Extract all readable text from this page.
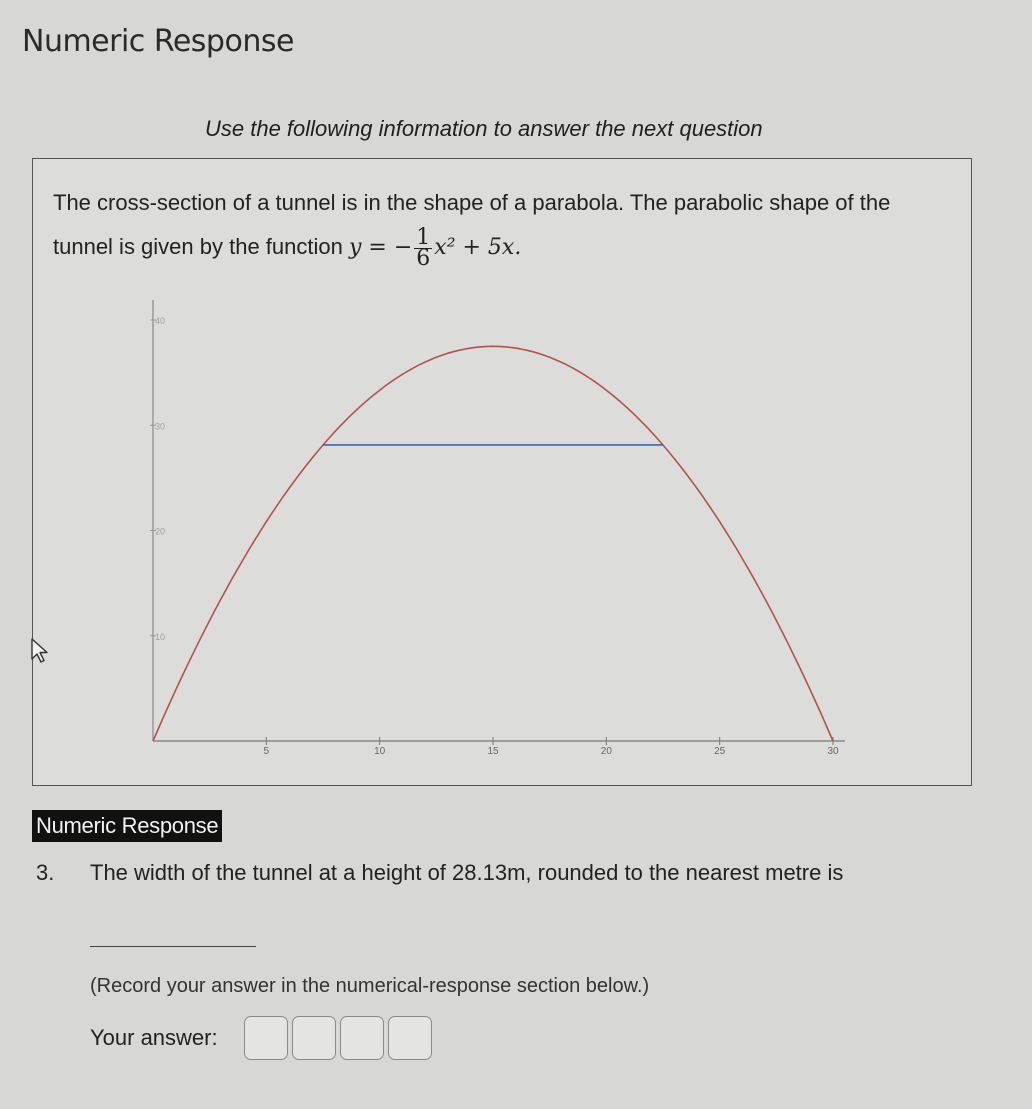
Numeric Response
Use the following information to answer the next question
The cross-section of a tunnel is in the shape of a parabola. The parabolic shape of the tunnel is given by the function y = − $\frac{1}{6} x^2 + 5x$.
5	10	15	20	25	30
10
20
30
40
Numeric Response
3. The width of the tunnel at a height of 28.13m, rounded to the nearest metre is
(Record your answer in the numerical-response section below.)
Your answer:
